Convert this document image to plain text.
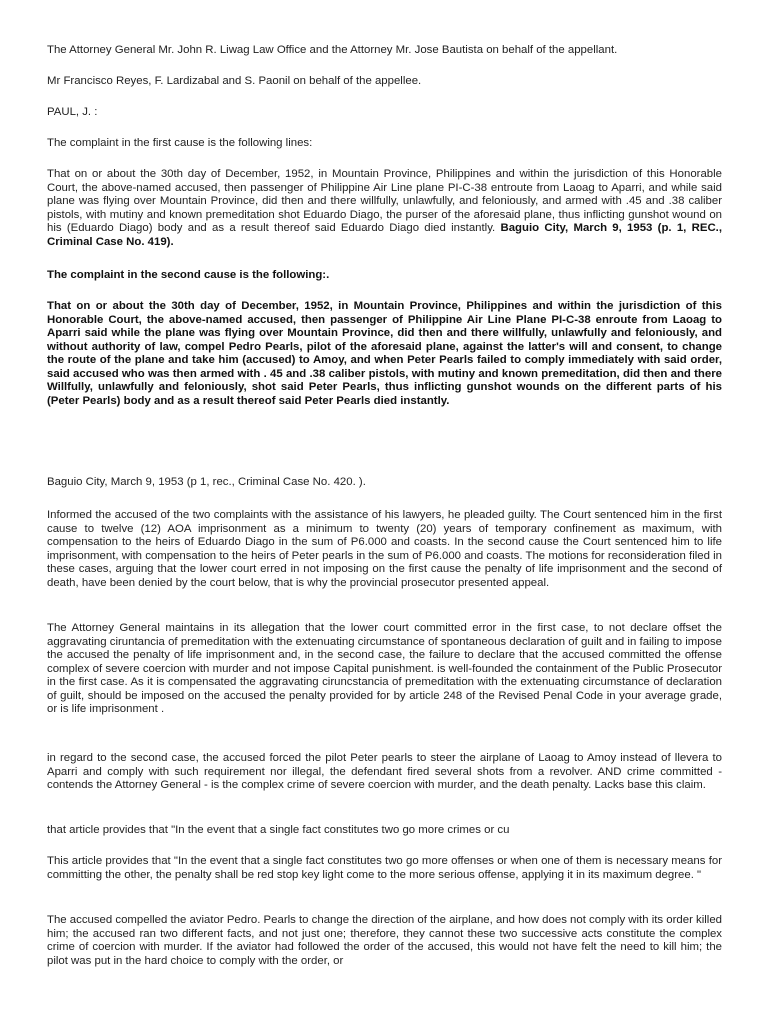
The Attorney General Mr. John R. Liwag Law Office and the Attorney Mr. Jose Bautista on behalf of the appellant.

Mr Francisco Reyes, F. Lardizabal and S. Paonil on behalf of the appellee.

PAUL, J. :

The complaint in the first cause is the following lines:

That on or about the 30th day of December, 1952, in Mountain Province, Philippines and within the jurisdiction of this Honorable Court, the above-named accused, then passenger of Philippine Air Line plane PI-C-38 entroute from Laoag to Aparri, and while said plane was flying over Mountain Province, did then and there willfully, unlawfully, and feloniously, and armed with .45 and .38 caliber pistols, with mutiny and known premeditation shot Eduardo Diago, the purser of the aforesaid plane, thus inflicting gunshot wound on his (Eduardo Diago) body and as a result thereof said Eduardo Diago died instantly. Baguio City, March 9, 1953 (p. 1, REC., Criminal Case No. 419).

The complaint in the second cause is the following:.

That on or about the 30th day of December, 1952, in Mountain Province, Philippines and within the jurisdiction of this Honorable Court, the above-named accused, then passenger of Philippine Air Line Plane PI-C-38 enroute from Laoag to Aparri said while the plane was flying over Mountain Province, did then and there willfully, unlawfully and feloniously, and without authority of law, compel Pedro Pearls, pilot of the aforesaid plane, against the latter's will and consent, to change the route of the plane and take him (accused) to Amoy, and when Peter Pearls failed to comply immediately with said order, said accused who was then armed with . 45 and .38 caliber pistols, with mutiny and known premeditation, did then and there Willfully, unlawfully and feloniously, shot said Peter Pearls, thus inflicting gunshot wounds on the different parts of his (Peter Pearls) body and as a result thereof said Peter Pearls died instantly.

Baguio City, March 9, 1953 (p 1, rec., Criminal Case No. 420. ).

Informed the accused of the two complaints with the assistance of his lawyers, he pleaded guilty. The Court sentenced him in the first cause to twelve (12) AOA imprisonment as a minimum to twenty (20) years of temporary confinement as maximum, with compensation to the heirs of Eduardo Diago in the sum of P6.000 and coasts. In the second cause the Court sentenced him to life imprisonment, with compensation to the heirs of Peter pearls in the sum of P6.000 and coasts. The motions for reconsideration filed in these cases, arguing that the lower court erred in not imposing on the first cause the penalty of life imprisonment and the second of death, have been denied by the court below, that is why the provincial prosecutor presented appeal.

The Attorney General maintains in its allegation that the lower court committed error in the first case, to not declare offset the aggravating ciruntancia of premeditation with the extenuating circumstance of spontaneous declaration of guilt and in failing to impose the accused the penalty of life imprisonment and, in the second case, the failure to declare that the accused committed the offense complex of severe coercion with murder and not impose Capital punishment. is well-founded the containment of the Public Prosecutor in the first case. As it is compensated the aggravating ciruncstancia of premeditation with the extenuating circumstance of declaration of guilt, should be imposed on the accused the penalty provided for by article 248 of the Revised Penal Code in your average grade, or is life imprisonment .

in regard to the second case, the accused forced the pilot Peter pearls to steer the airplane of Laoag to Amoy instead of llevera to Aparri and comply with such requirement nor illegal, the defendant fired several shots from a revolver. AND crime committed - contends the Attorney General - is the complex crime of severe coercion with murder, and the death penalty. Lacks base this claim.

that article provides that "In the event that a single fact constitutes two go more crimes or cu

This article provides that "In the event that a single fact constitutes two go more offenses or when one of them is necessary means for committing the other, the penalty shall be red stop key light come to the more serious offense, applying it in its maximum degree. "

The accused compelled the aviator Pedro. Pearls to change the direction of the airplane, and how does not comply with its order killed him; the accused ran two different facts, and not just one; therefore, they cannot these two successive acts constitute the complex crime of coercion with murder. If the aviator had followed the order of the accused, this would not have felt the need to kill him; the pilot was put in the hard choice to comply with the order, or
